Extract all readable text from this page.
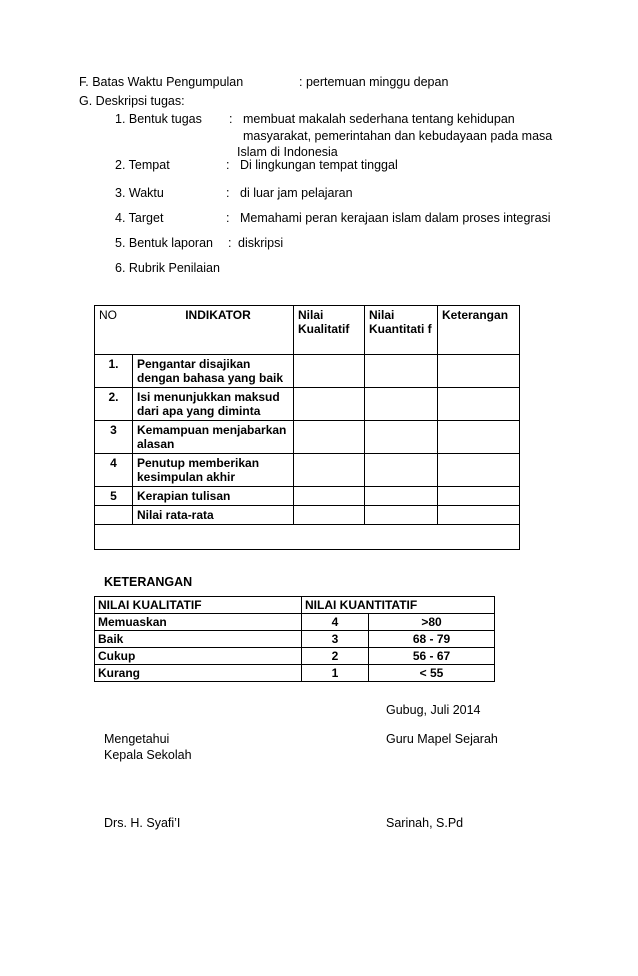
F. Batas Waktu Pengumpulan	: pertemuan minggu depan
G. Deskripsi tugas:
1. Bentuk tugas : membuat makalah sederhana tentang kehidupan
masyarakat, pemerintahan dan kebudayaan pada masa
Islam di Indonesia
2. Tempat	: Di lingkungan tempat tinggal
3. Waktu	: di luar jam pelajaran
4. Target	: Memahami peran kerajaan islam dalam proses integrasi
5. Bentuk laporan : diskripsi
6. Rubrik Penilaian
NO INDIKATOR		Nilai Kualitatif	Nilai Kuantitati f	Keterangan
1.	Pengantar disajikan dengan bahasa yang baik			
2.	Isi menunjukkan maksud dari apa yang diminta			
3	Kemampuan menjabarkan alasan			
4	Penutup memberikan kesimpulan akhir			
5	Kerapian tulisan			
	Nilai rata-rata			

KETERANGAN
NILAI KUALITATIF	NILAI KUANTITATIF	
Memuaskan	4	>80
Baik	3	68 - 79
Cukup	2	56 - 67
Kurang	1	< 55
Gubug, Juli 2014
Mengetahui
Kepala Sekolah
Guru Mapel Sejarah
Drs. H. Syafi’I	Sarinah, S.Pd
